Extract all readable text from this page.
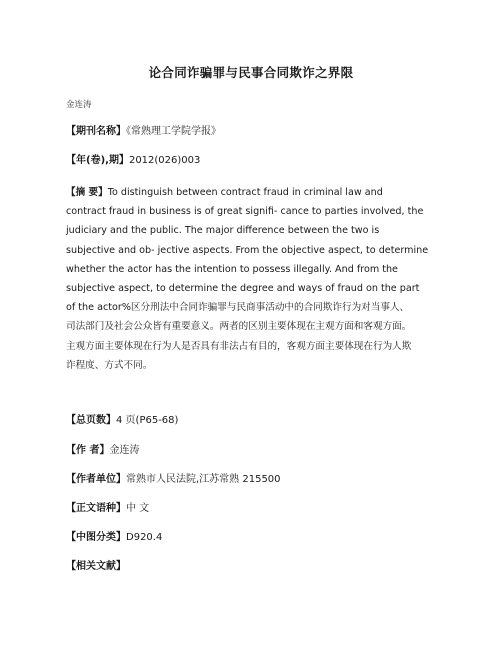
论合同诈骗罪与民事合同欺诈之界限
金连涛
【期刊名称】《常熟理工学院学报》
【年(卷),期】2012(026)003
【摘 要】To distinguish between contract fraud in criminal law and
contract fraud in business is of great signifi- cance to parties involved, the
judiciary and the public. The major difference between the two is
subjective and ob- jective aspects. From the objective aspect, to determine
whether the actor has the intention to possess illegally. And from the
subjective aspect, to determine the degree and ways of fraud on the part
of the actor%区分刑法中合同诈骗罪与民商事活动中的合同欺诈行为对当事人、
司法部门及社会公众皆有重要意义。两者的区别主要体现在主观方面和客观方面。
主观方面主要体现在行为人是否具有非法占有目的，客观方面主要体现在行为人欺
诈程度、方式不同。
【总页数】4 页(P65-68)
【作 者】金连涛
【作者单位】常熟市人民法院,江苏常熟 215500
【正文语种】中 文
【中图分类】D920.4
【相关文献】
